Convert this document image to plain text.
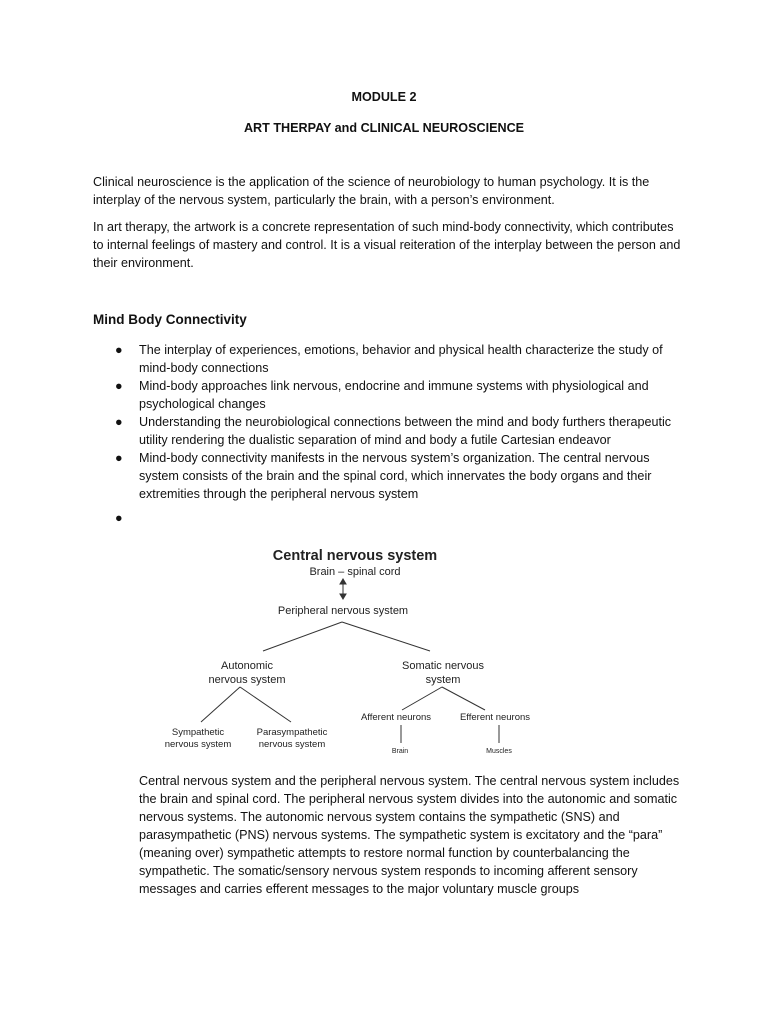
MODULE 2
ART THERPAY and CLINICAL NEUROSCIENCE

Clinical neuroscience is the application of the science of neurobiology to human psychology. It is the interplay of the nervous system, particularly the brain, with a person’s environment.

In art therapy, the artwork is a concrete representation of such mind-body connectivity, which contributes to internal feelings of mastery and control. It is a visual reiteration of the interplay between the person and their environment.

Mind Body Connectivity
● The interplay of experiences, emotions, behavior and physical health characterize the study of mind-body connections
● Mind-body approaches link nervous, endocrine and immune systems with physiological and psychological changes
● Understanding the neurobiological connections between the mind and body furthers therapeutic utility rendering the dualistic separation of mind and body a futile Cartesian endeavor
● Mind-body connectivity manifests in the nervous system’s organization. The central nervous system consists of the brain and the spinal cord, which innervates the body organs and their extremities through the peripheral nervous system
●
Central nervous system
Brain – spinal cord
Peripheral nervous system
Autonomic
nervous system
Somatic nervous
system
Sympathetic
nervous system
Parasympathetic
nervous system
Afferent neurons	Efferent neurons
Brain	Muscles

Central nervous system and the peripheral nervous system. The central nervous system includes the brain and spinal cord. The peripheral nervous system divides into the autonomic and somatic nervous systems. The autonomic nervous system contains the sympathetic (SNS) and parasympathetic (PNS) nervous systems. The sympathetic system is excitatory and the “para” (meaning over) sympathetic attempts to restore normal function by counterbalancing the sympathetic. The somatic/sensory nervous system responds to incoming afferent sensory messages and carries efferent messages to the major voluntary muscle groups
